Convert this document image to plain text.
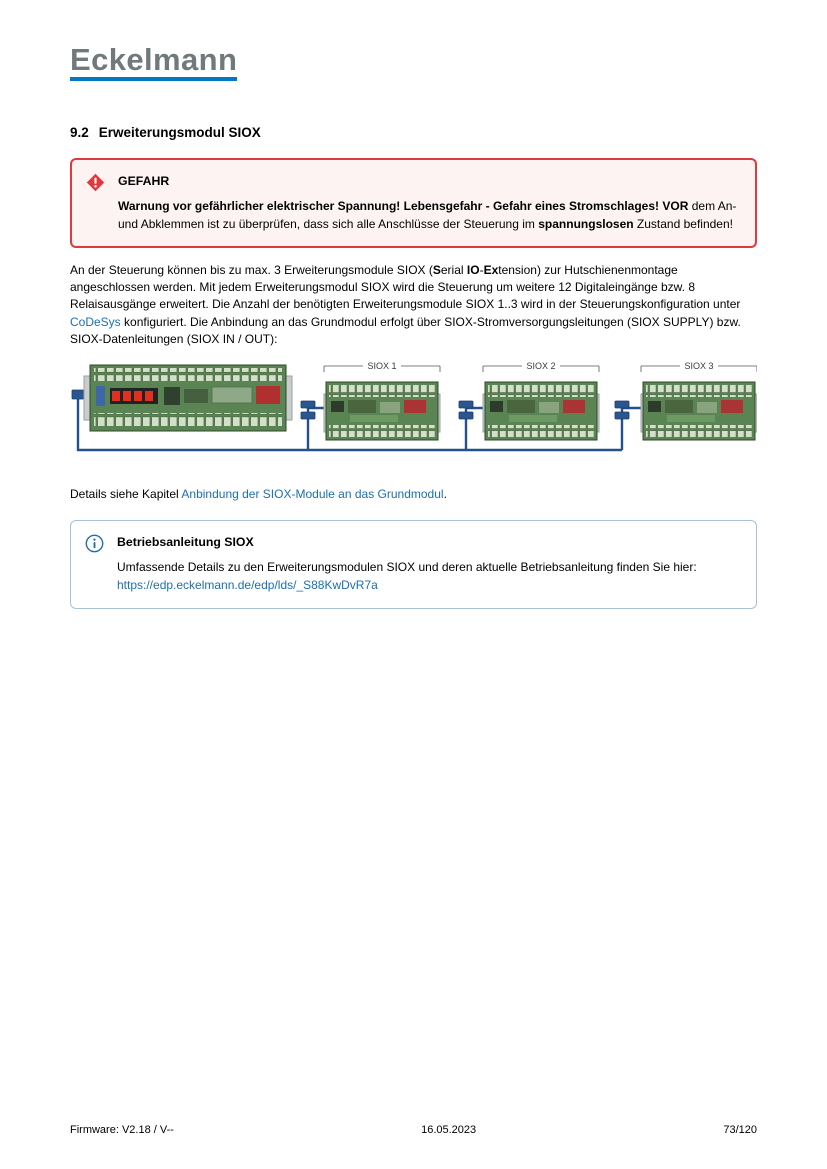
Eckelmann
9.2 Erweiterungsmodul SIOX
GEFAHR

Warnung vor gefährlicher elektrischer Spannung! Lebensgefahr - Gefahr eines Stromschlages! VOR dem An- und Abklemmen ist zu überprüfen, dass sich alle Anschlüsse der Steuerung im spannungslosen Zustand befinden!

An der Steuerung können bis zu max. 3 Erweiterungsmodule SIOX (Serial IO-Extension) zur Hutschienenmontage angeschlossen werden. Mit jedem Erweiterungsmodul SIOX wird die Steuerung um weitere 12 Digitaleingänge bzw. 8 Relaisausgänge erweitert. Die Anzahl der benötigten Erweiterungsmodule SIOX 1..3 wird in der Steuerungskonfiguration unter CoDeSys konfiguriert. Die Anbindung an das Grundmodul erfolgt über SIOX-Stromversorgungsleitungen (SIOX SUPPLY) bzw. SIOX-Datenleitungen (SIOX IN / OUT):

SIOX 1	SIOX 2	SIOX 3

Details siehe Kapitel Anbindung der SIOX-Module an das Grundmodul.

Betriebsanleitung SIOX
Umfassende Details zu den Erweiterungsmodulen SIOX und deren aktuelle Betriebsanleitung finden Sie hier:
https://edp.eckelmann.de/edp/lds/_S88KwDvR7a
Firmware: V2.18 / V--	16.05.2023	73/120
